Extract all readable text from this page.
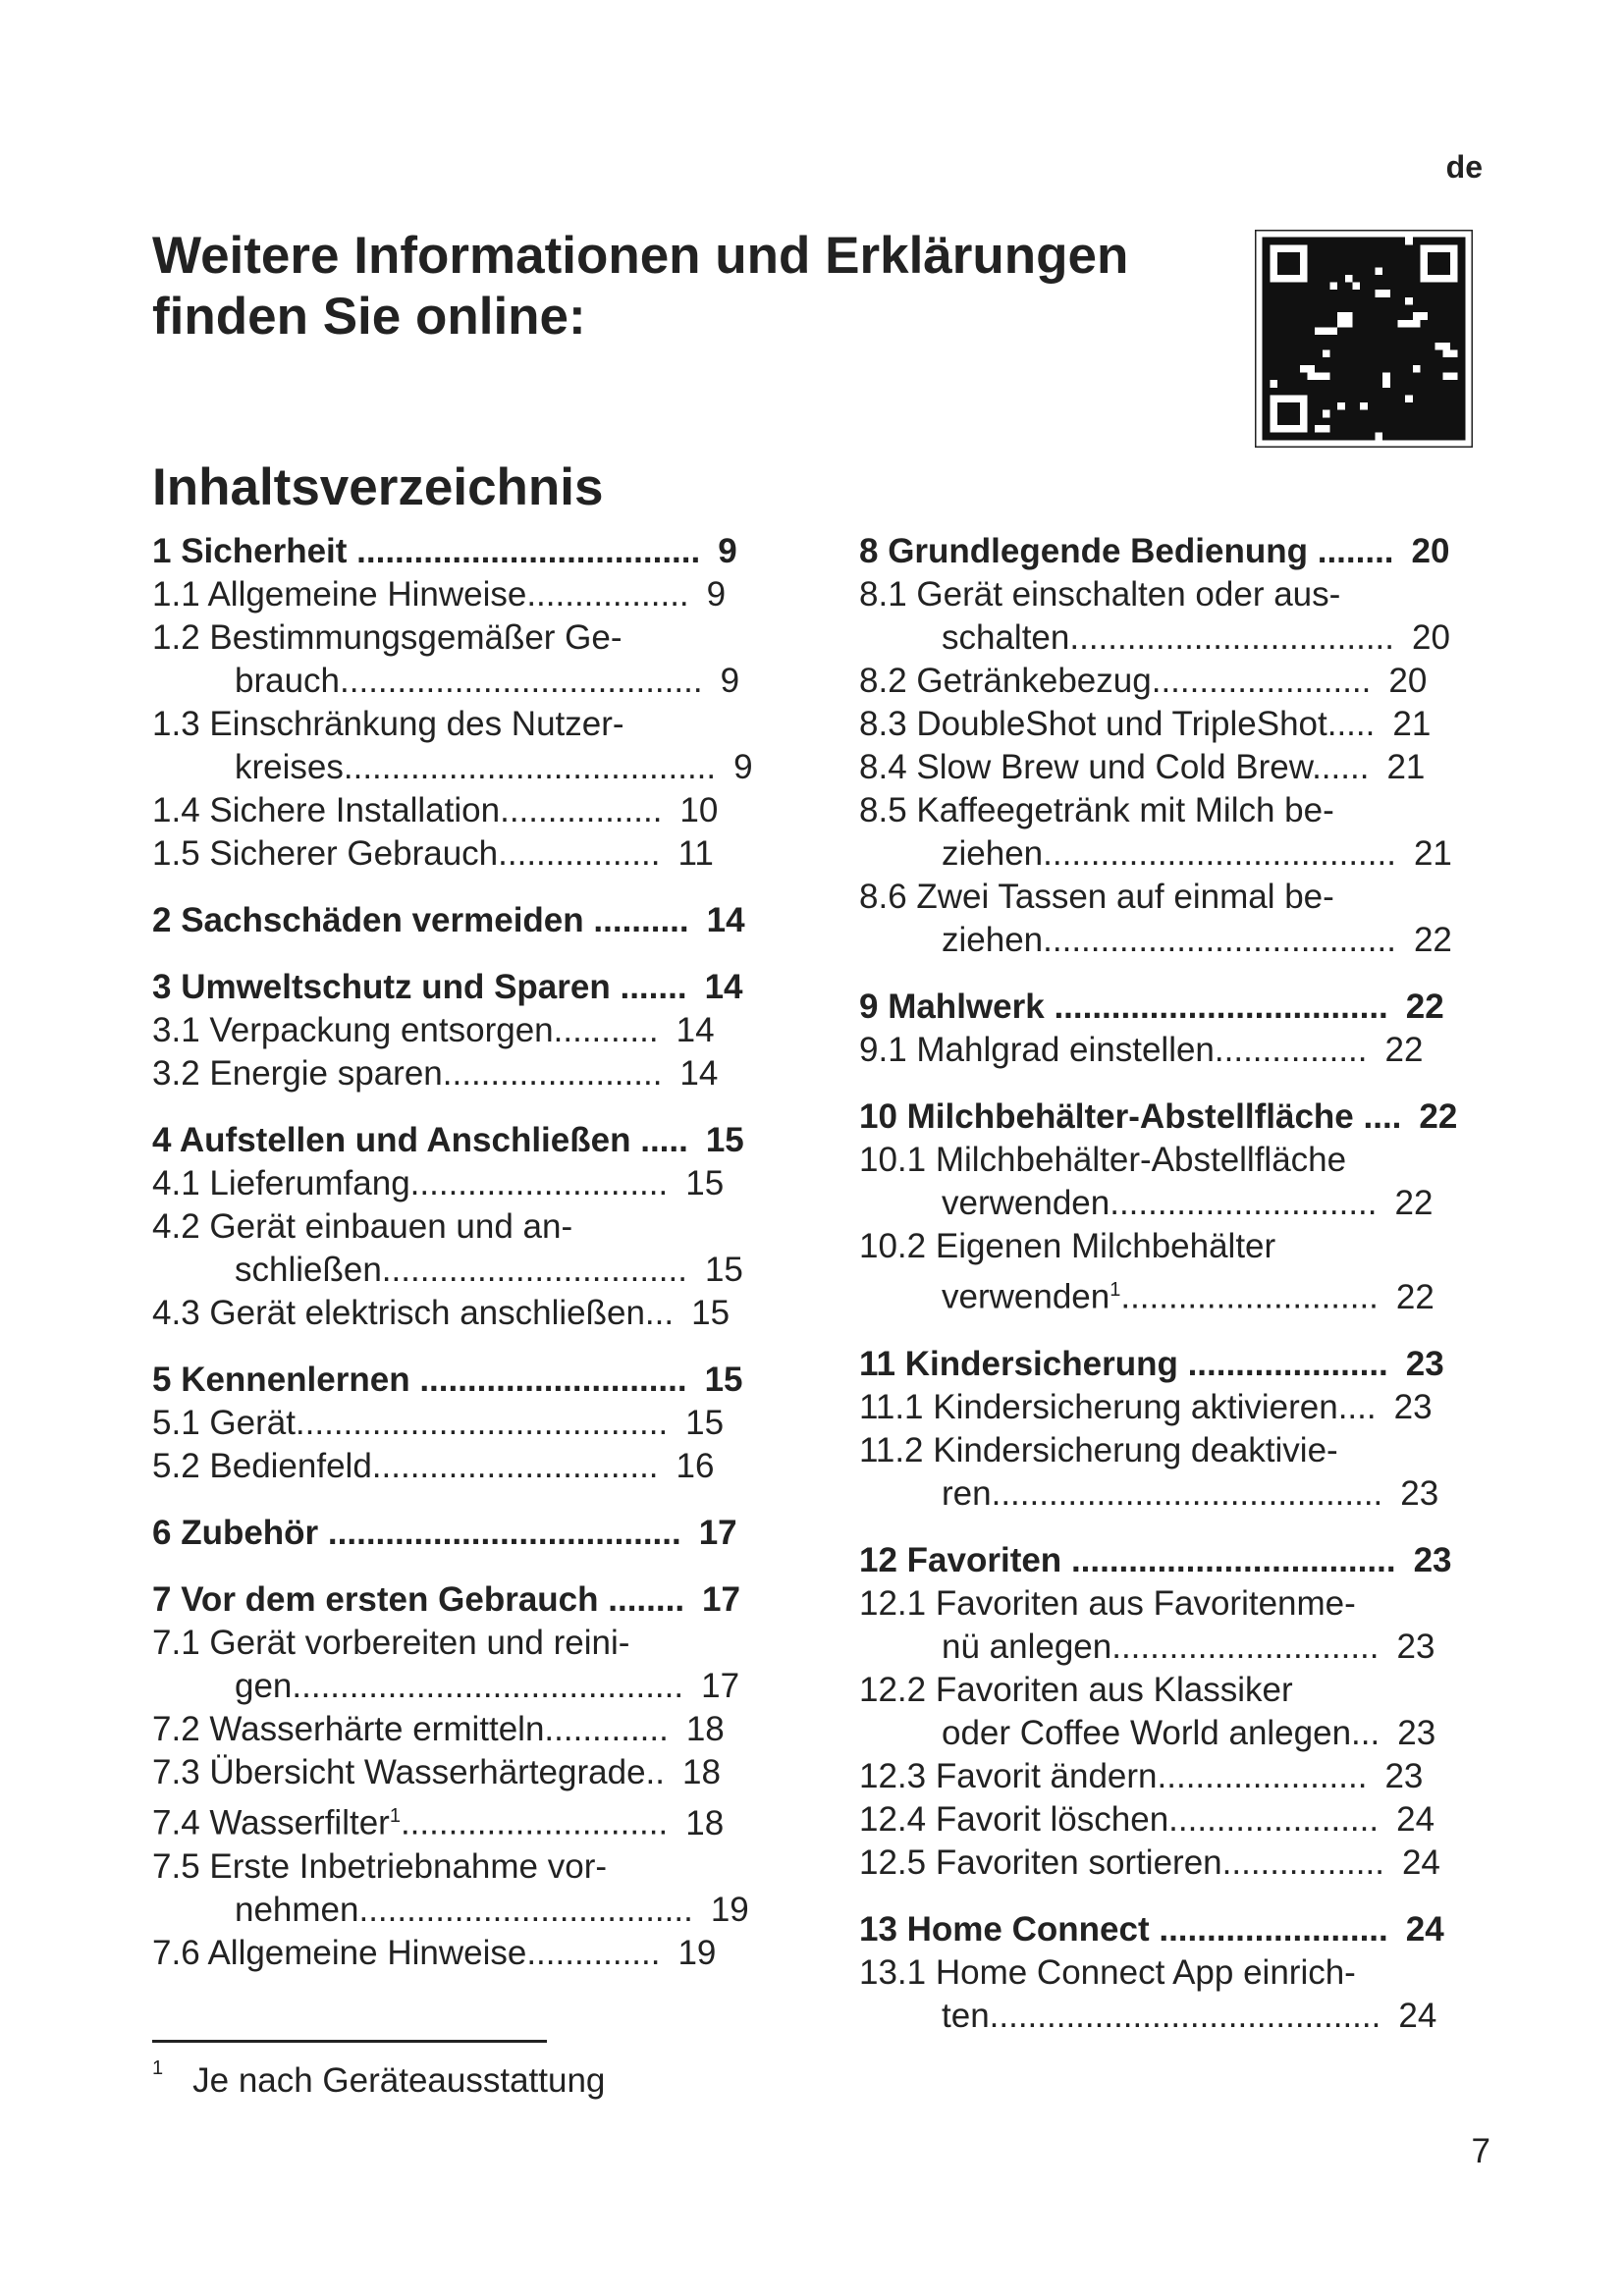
de
Weitere Informationen und Erklärungen finden Sie online:
Inhaltsverzeichnis
1 Sicherheit .................................... 9
1.1 Allgemeine Hinweise................. 9
1.2 Bestimmungsgemäßer Ge-
brauch...................................... 9
1.3 Einschränkung des Nutzer-
kreises....................................... 9
1.4 Sichere Installation................. 10
1.5 Sicherer Gebrauch................. 11
2 Sachschäden vermeiden .......... 14
3 Umweltschutz und Sparen ....... 14
3.1 Verpackung entsorgen........... 14
3.2 Energie sparen....................... 14
4 Aufstellen und Anschließen ..... 15
4.1 Lieferumfang........................... 15
4.2 Gerät einbauen und an-
schließen................................ 15
4.3 Gerät elektrisch anschließen... 15
5 Kennenlernen ............................ 15
5.1 Gerät....................................... 15
5.2 Bedienfeld.............................. 16
6 Zubehör ..................................... 17
7 Vor dem ersten Gebrauch ........ 17
7.1 Gerät vorbereiten und reini-
gen......................................... 17
7.2 Wasserhärte ermitteln............. 18
7.3 Übersicht Wasserhärtegrade.. 18
7.4 Wasserfilter$^1$............................ 18
7.5 Erste Inbetriebnahme vor-
nehmen................................... 19
7.6 Allgemeine Hinweise.............. 19
8 Grundlegende Bedienung ........ 20
8.1 Gerät einschalten oder aus-
schalten.................................. 20
8.2 Getränkebezug....................... 20
8.3 DoubleShot und TripleShot..... 21
8.4 Slow Brew und Cold Brew...... 21
8.5 Kaffeegetränk mit Milch be-
ziehen..................................... 21
8.6 Zwei Tassen auf einmal be-
ziehen..................................... 22
9 Mahlwerk ................................... 22
9.1 Mahlgrad einstellen................ 22
10 Milchbehälter-Abstellfläche .... 22
10.1 Milchbehälter-Abstellfläche
verwenden............................ 22
10.2 Eigenen Milchbehälter
verwenden$^1$........................... 22
11 Kindersicherung ..................... 23
11.1 Kindersicherung aktivieren.... 23
11.2 Kindersicherung deaktivie-
ren......................................... 23
12 Favoriten .................................. 23
12.1 Favoriten aus Favoritenme-
nü anlegen............................ 23
12.2 Favoriten aus Klassiker
oder Coffee World anlegen... 23
12.3 Favorit ändern...................... 23
12.4 Favorit löschen...................... 24
12.5 Favoriten sortieren................. 24
13 Home Connect ........................ 24
13.1 Home Connect App einrich-
ten......................................... 24
$^1$ Je nach Geräteausstattung
7
